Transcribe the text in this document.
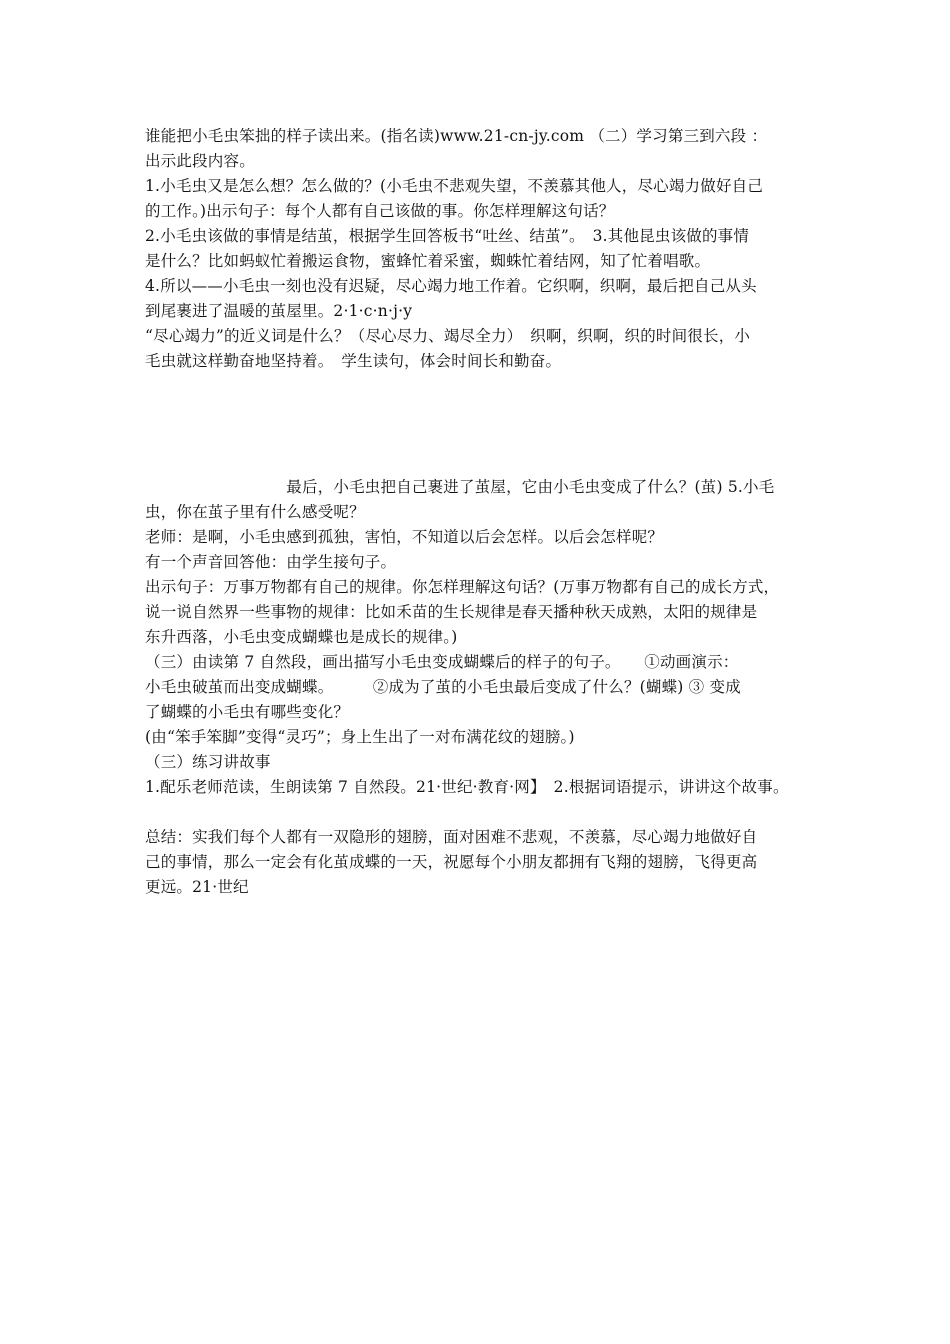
谁能把小毛虫笨拙的样子读出来。(指名读)www.21-cn-jy.com （二）学习第三到六段 ：
出示此段内容。
1.小毛虫又是怎么想？怎么做的？(小毛虫不悲观失望，不羡慕其他人，尽心竭力做好自己
的工作。)出示句子：每个人都有自己该做的事。你怎样理解这句话？
2.小毛虫该做的事情是结茧，根据学生回答板书“吐丝、结茧”。　3.其他昆虫该做的事情
是什么？比如蚂蚁忙着搬运食物，蜜蜂忙着采蜜，蜘蛛忙着结网，知了忙着唱歌。
4.所以——小毛虫一刻也没有迟疑，尽心竭力地工作着。它织啊，织啊，最后把自己从头
到尾裹进了温暖的茧屋里。2·1·c·n·j·y
“尽心竭力”的近义词是什么？（尽心尽力、竭尽全力）　织啊，织啊，织的时间很长，小
毛虫就这样勤奋地坚持着。　学生读句，体会时间长和勤奋。
　　　　　　　　　最后，小毛虫把自己裹进了茧屋，它由小毛虫变成了什么？(茧) 5.小毛
虫，你在茧子里有什么感受呢？
老师：是啊，小毛虫感到孤独，害怕，不知道以后会怎样。以后会怎样呢？
有一个声音回答他：由学生接句子。
出示句子：万事万物都有自己的规律。你怎样理解这句话？(万事万物都有自己的成长方式，
说一说自然界一些事物的规律：比如禾苗的生长规律是春天播种秋天成熟，太阳的规律是
东升西落，小毛虫变成蝴蝶也是成长的规律。)
（三）由读第 7 自然段，画出描写小毛虫变成蝴蝶后的样子的句子。　　①动画演示：
小毛虫破茧而出变成蝴蝶。　　　②成为了茧的小毛虫最后变成了什么？(蝴蝶) ③ 变成
了蝴蝶的小毛虫有哪些变化？
(由“笨手笨脚”变得“灵巧”；身上生出了一对布满花纹的翅膀。)
（三）练习讲故事
1.配乐老师范读，生朗读第 7 自然段。21·世纪·教育·网】　2.根据词语提示，讲讲这个故事。
总结：实我们每个人都有一双隐形的翅膀，面对困难不悲观，不羡慕，尽心竭力地做好自
己的事情，那么一定会有化茧成蝶的一天，祝愿每个小朋友都拥有飞翔的翅膀，飞得更高
更远。21·世纪
